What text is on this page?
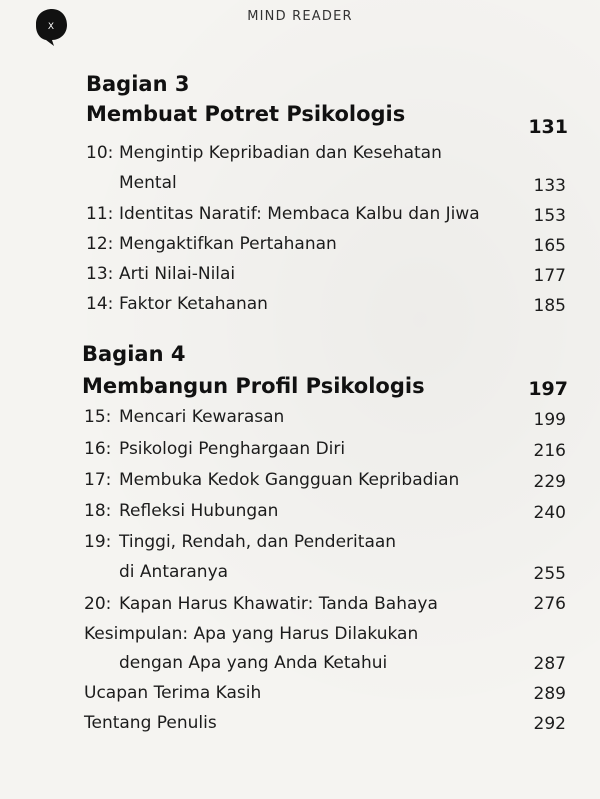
X
MIND READER
Bagian 3
Membuat Potret Psikologis
131
10: Mengintip Kepribadian dan Kesehatan
Mental	133
11: Identitas Naratif: Membaca Kalbu dan Jiwa	153
12: Mengaktifkan Pertahanan	165
13: Arti Nilai-Nilai	177
14: Faktor Ketahanan	185
Bagian 4
Membangun Profil Psikologis	197
15: Mencari Kewarasan	199
16: Psikologi Penghargaan Diri	216
17: Membuka Kedok Gangguan Kepribadian	229
18: Refleksi Hubungan	240
19: Tinggi, Rendah, dan Penderitaan
di Antaranya	255
20: Kapan Harus Khawatir: Tanda Bahaya	276
Kesimpulan: Apa yang Harus Dilakukan
dengan Apa yang Anda Ketahui	287
Ucapan Terima Kasih	289
Tentang Penulis	292
